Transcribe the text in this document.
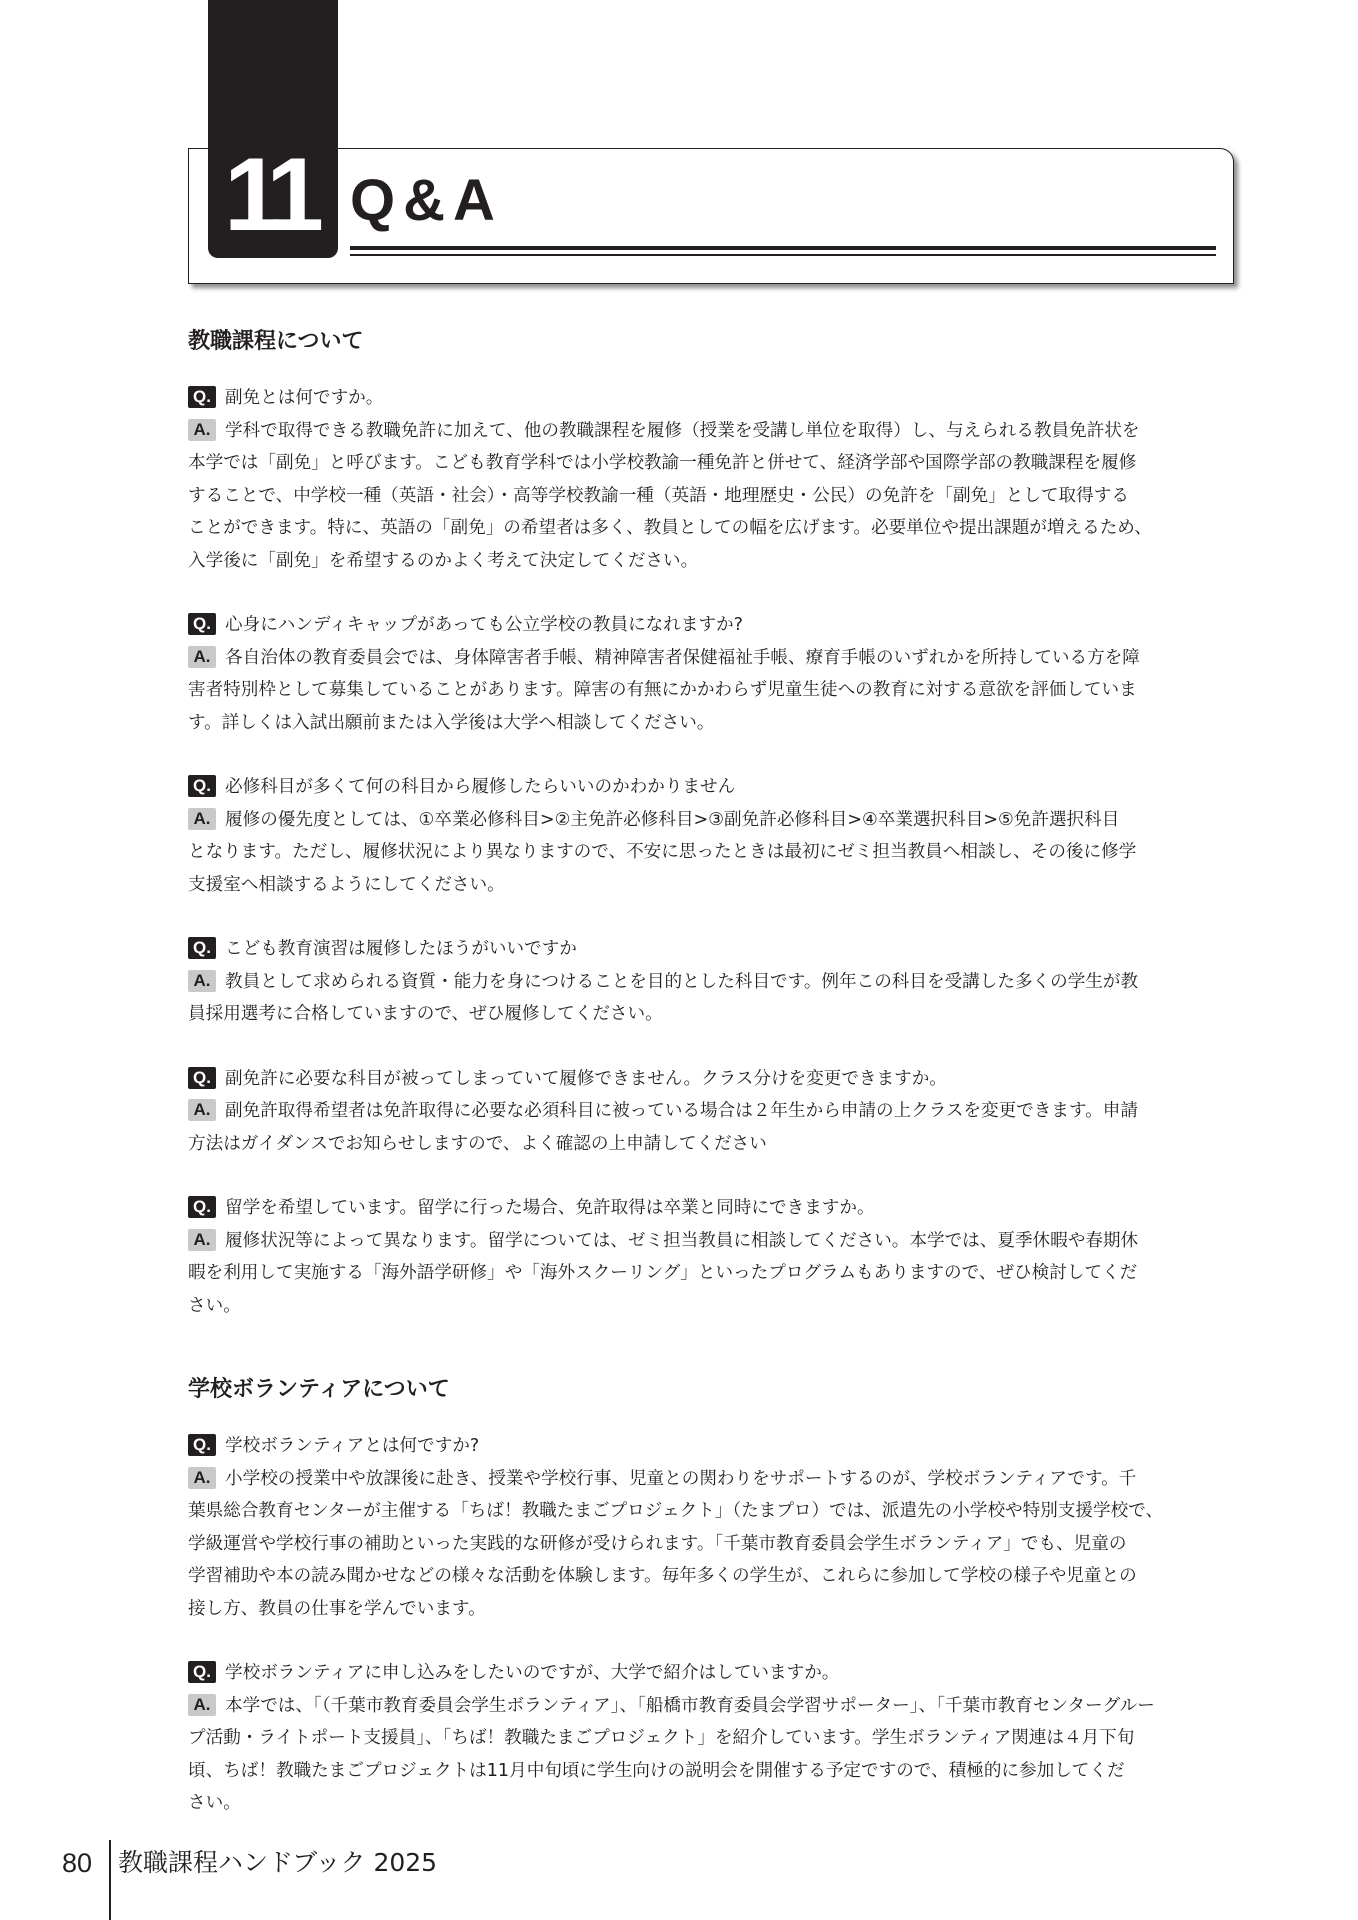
11 Q&A
教職課程について

Q. 副免とは何ですか。

A. 学科で取得できる教職免許に加えて、他の教職課程を履修（授業を受講し単位を取得）し、与えられる教員免許状を

本学では「副免」と呼びます。こども教育学科では小学校教諭一種免許と併せて、経済学部や国際学部の教職課程を履修

することで、中学校一種（英語・社会）・高等学校教諭一種（英語・地理歴史・公民）の免許を「副免」として取得する

ことができます。特に、英語の「副免」の希望者は多く、教員としての幅を広げます。必要単位や提出課題が増えるため、

入学後に「副免」を希望するのかよく考えて決定してください。

Q. 心身にハンディキャップがあっても公立学校の教員になれますか?

A. 各自治体の教育委員会では、身体障害者手帳、精神障害者保健福祉手帳、療育手帳のいずれかを所持している方を障

害者特別枠として募集していることがあります。障害の有無にかかわらず児童生徒への教育に対する意欲を評価していま

す。詳しくは入試出願前または入学後は大学へ相談してください。

Q. 必修科目が多くて何の科目から履修したらいいのかわかりません

A. 履修の優先度としては、①卒業必修科目>②主免許必修科目>③副免許必修科目>④卒業選択科目>⑤免許選択科目

となります。ただし、履修状況により異なりますので、不安に思ったときは最初にゼミ担当教員へ相談し、その後に修学

支援室へ相談するようにしてください。

Q. こども教育演習は履修したほうがいいですか

A. 教員として求められる資質・能力を身につけることを目的とした科目です。例年この科目を受講した多くの学生が教

員採用選考に合格していますので、ぜひ履修してください。

Q. 副免許に必要な科目が被ってしまっていて履修できません。クラス分けを変更できますか。

A. 副免許取得希望者は免許取得に必要な必須科目に被っている場合は２年生から申請の上クラスを変更できます。申請

方法はガイダンスでお知らせしますので、よく確認の上申請してください

Q. 留学を希望しています。留学に行った場合、免許取得は卒業と同時にできますか。

A. 履修状況等によって異なります。留学については、ゼミ担当教員に相談してください。本学では、夏季休暇や春期休

暇を利用して実施する「海外語学研修」や「海外スクーリング」といったプログラムもありますので、ぜひ検討してくだ

さい。

学校ボランティアについて

Q. 学校ボランティアとは何ですか?

A. 小学校の授業中や放課後に赴き、授業や学校行事、児童との関わりをサポートするのが、学校ボランティアです。千

葉県総合教育センターが主催する「ちば！教職たまごプロジェクト」（たまプロ）では、派遣先の小学校や特別支援学校で、

学級運営や学校行事の補助といった実践的な研修が受けられます。「千葉市教育委員会学生ボランティア」でも、児童の

学習補助や本の読み聞かせなどの様々な活動を体験します。毎年多くの学生が、これらに参加して学校の様子や児童との

接し方、教員の仕事を学んでいます。

Q. 学校ボランティアに申し込みをしたいのですが、大学で紹介はしていますか。

A. 本学では、「（千葉市教育委員会学生ボランティア」、「船橋市教育委員会学習サポーター」、「千葉市教育センターグルー

プ活動・ライトポート支援員」、「ちば！教職たまごプロジェクト」を紹介しています。学生ボランティア関連は４月下旬

頃、ちば！教職たまごプロジェクトは11月中旬頃に学生向けの説明会を開催する予定ですので、積極的に参加してくだ

さい。

80 教職課程ハンドブック 2025
